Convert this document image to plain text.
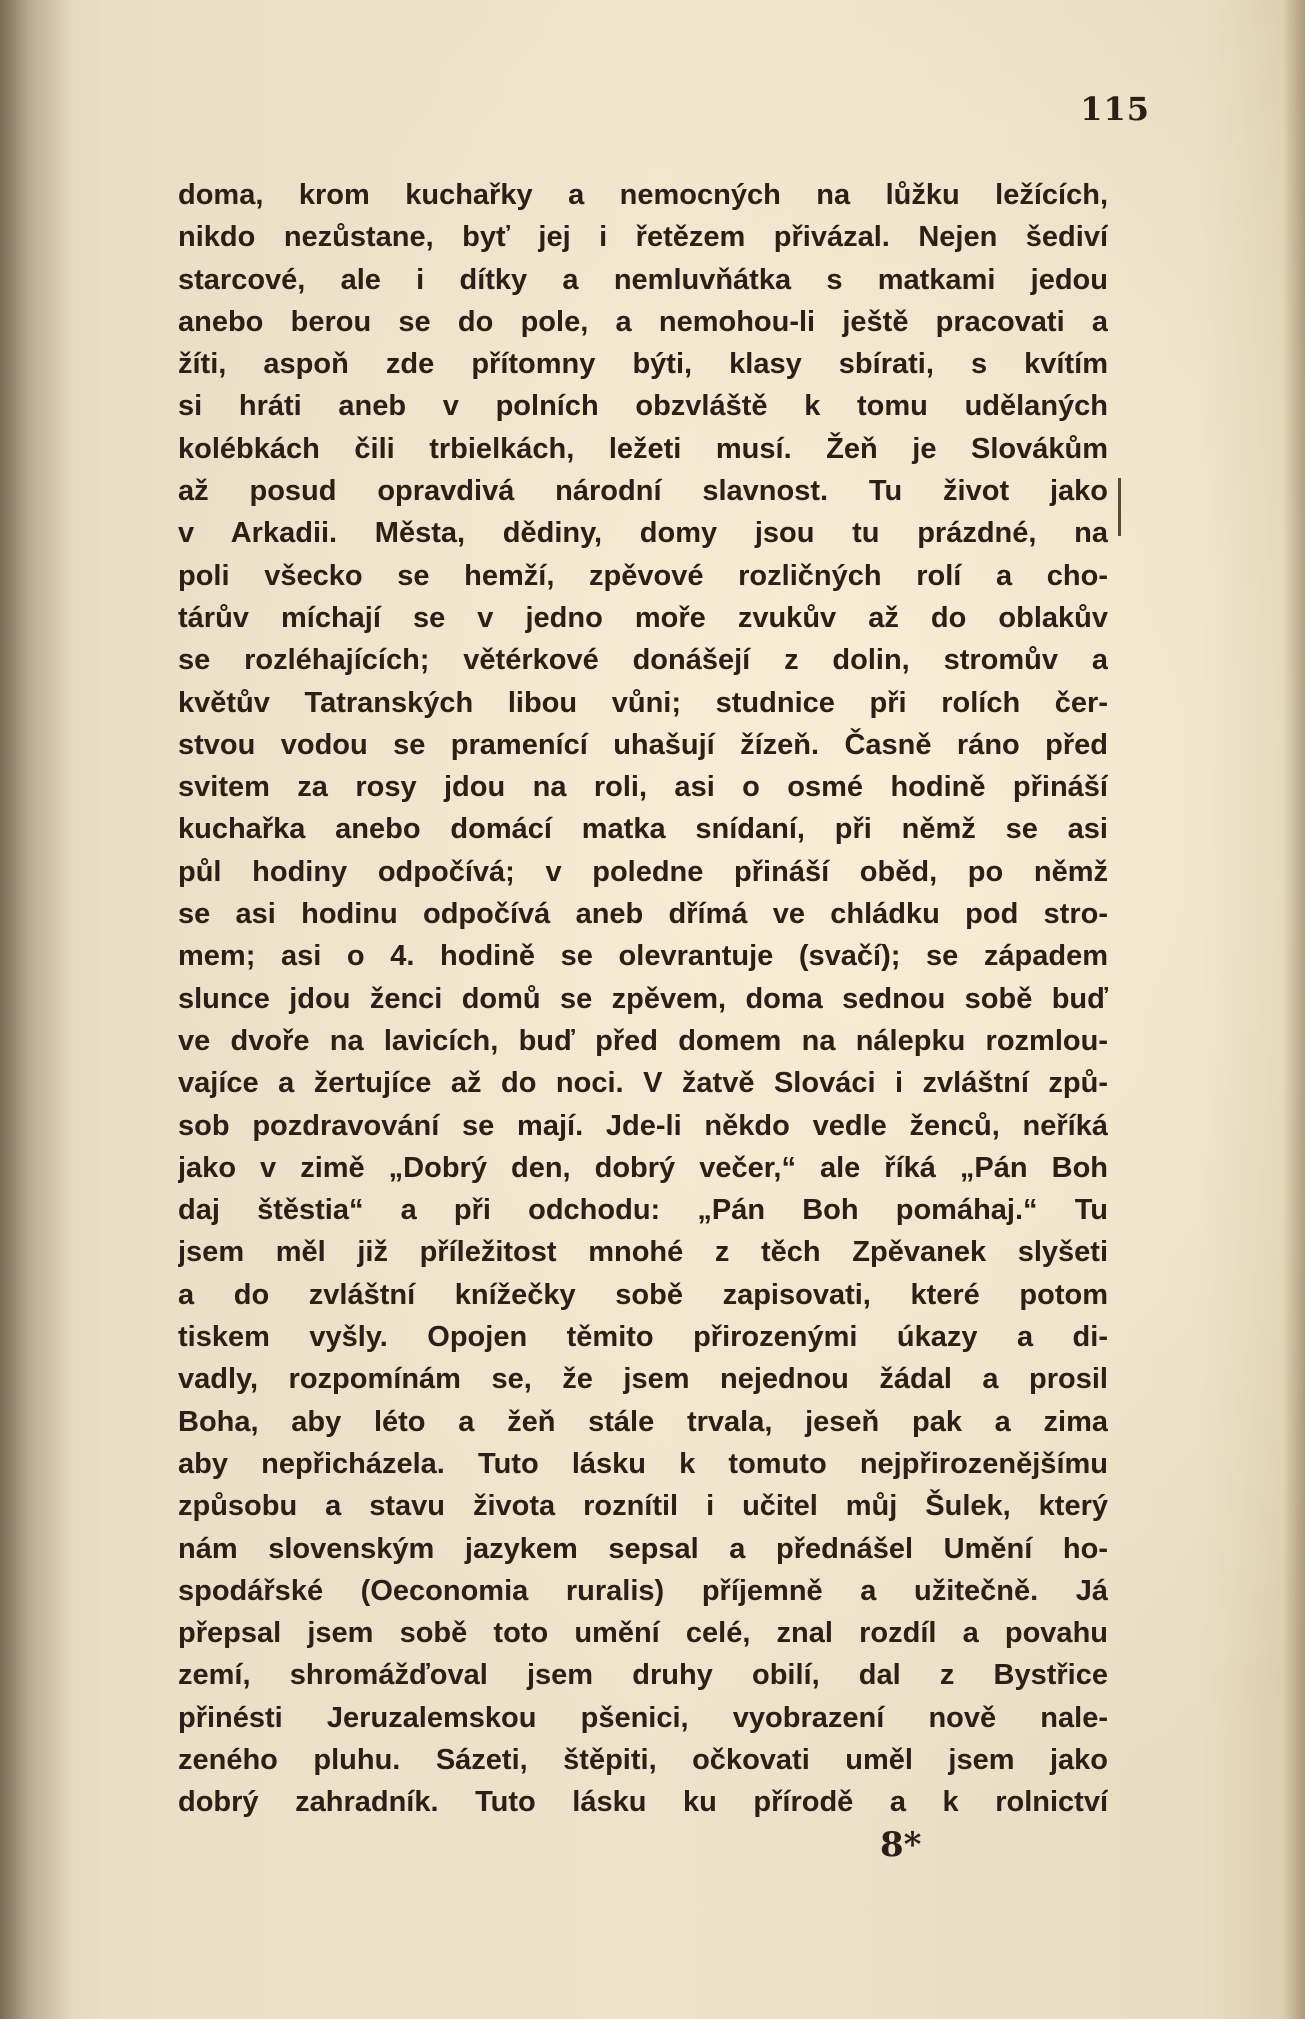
115
doma, krom kuchařky a nemocných na lůžku ležících,
nikdo nezůstane, byť jej i řetězem přivázal. Nejen šediví
starcové, ale i dítky a nemluvňátka s matkami jedou
anebo berou se do pole, a nemohou-li ještě pracovati a
žíti, aspoň zde přítomny býti, klasy sbírati, s kvítím
si hráti aneb v polních obzvláště k tomu udělaných
kolébkách čili trbielkách, ležeti musí. Žeň je Slovákům
až posud opravdivá národní slavnost. Tu život jako
v Arkadii. Města, dědiny, domy jsou tu prázdné, na
poli všecko se hemží, zpěvové rozličných rolí a cho-
tárův míchají se v jedno moře zvukův až do oblakův
se rozléhajících; větérkové donášejí z dolin, stromův a
květův Tatranských libou vůni; studnice při rolích čer-
stvou vodou se pramenící uhašují žízeň. Časně ráno před
svitem za rosy jdou na roli, asi o osmé hodině přináší
kuchařka anebo domácí matka snídaní, při němž se asi
půl hodiny odpočívá; v poledne přináší oběd, po němž
se asi hodinu odpočívá aneb dřímá ve chládku pod stro-
mem; asi o 4. hodině se olevrantuje (svačí); se západem
slunce jdou ženci domů se zpěvem, doma sednou sobě buď
ve dvoře na lavicích, buď před domem na nálepku rozmlou-
vajíce a žertujíce až do noci. V žatvě Slováci i zvláštní způ-
sob pozdravování se mají. Jde-li někdo vedle ženců, neříká
jako v zimě „Dobrý den, dobrý večer,“ ale říká „Pán Boh
daj štěstia“ a při odchodu: „Pán Boh pomáhaj.“ Tu
jsem měl již příležitost mnohé z těch Zpěvanek slyšeti
a do zvláštní knížečky sobě zapisovati, které potom
tiskem vyšly. Opojen těmito přirozenými úkazy a di-
vadly, rozpomínám se, že jsem nejednou žádal a prosil
Boha, aby léto a žeň stále trvala, jeseň pak a zima
aby nepřicházela. Tuto lásku k tomuto nejpřirozenějšímu
způsobu a stavu života roznítil i učitel můj Šulek, který
nám slovenským jazykem sepsal a přednášel Umění ho-
spodářské (Oeconomia ruralis) příjemně a užitečně. Já
přepsal jsem sobě toto umění celé, znal rozdíl a povahu
zemí, shromážďoval jsem druhy obilí, dal z Bystřice
přinésti Jeruzalemskou pšenici, vyobrazení nově nale-
zeného pluhu. Sázeti, štěpiti, očkovati uměl jsem jako
dobrý zahradník. Tuto lásku ku přírodě a k rolnictví
8*
